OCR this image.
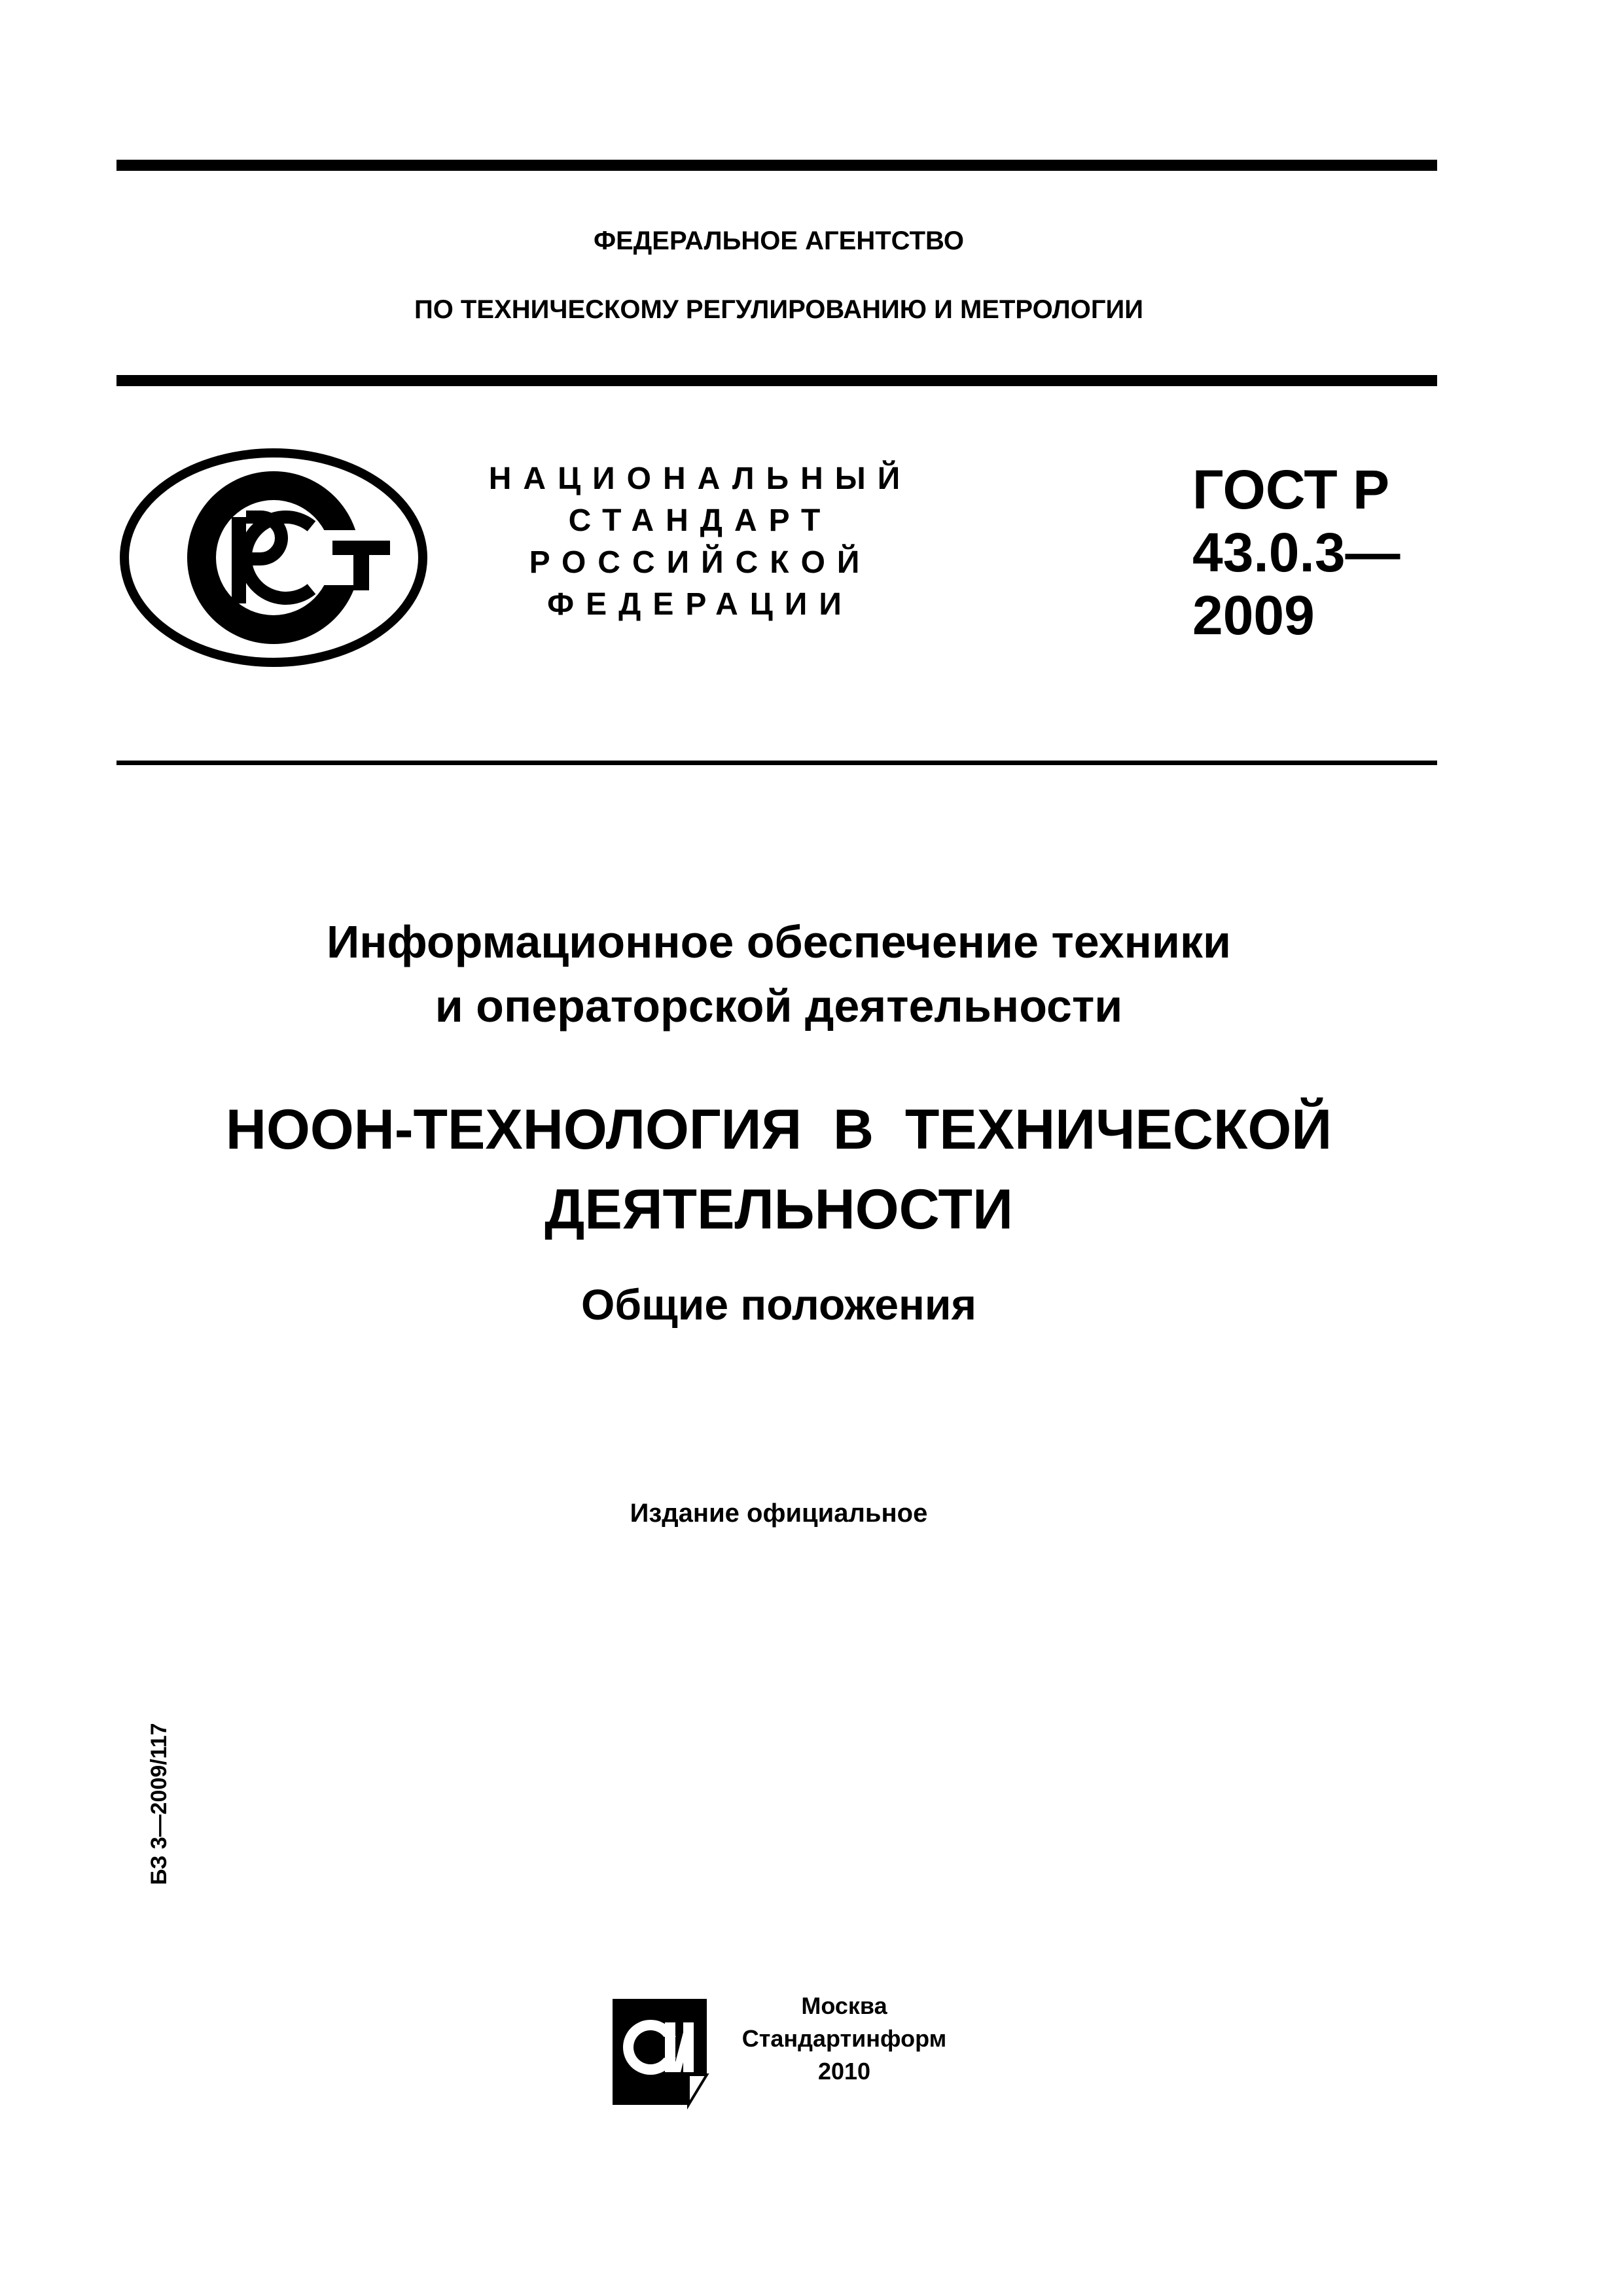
ФЕДЕРАЛЬНОЕ АГЕНТСТВО
ПО ТЕХНИЧЕСКОМУ РЕГУЛИРОВАНИЮ И МЕТРОЛОГИИ
РСТ
НАЦИОНАЛЬНЫЙ
СТАНДАРТ
РОССИЙСКОЙ
ФЕДЕРАЦИИ
ГОСТ Р
43.0.3—
2009
Информационное обеспечение техники
и операторской деятельности
НООН-ТЕХНОЛОГИЯ  В  ТЕХНИЧЕСКОЙ
ДЕЯТЕЛЬНОСТИ
Общие положения
Издание официальное
БЗ 3—2009/117
СИ	Москва
Стандартинформ
2010
